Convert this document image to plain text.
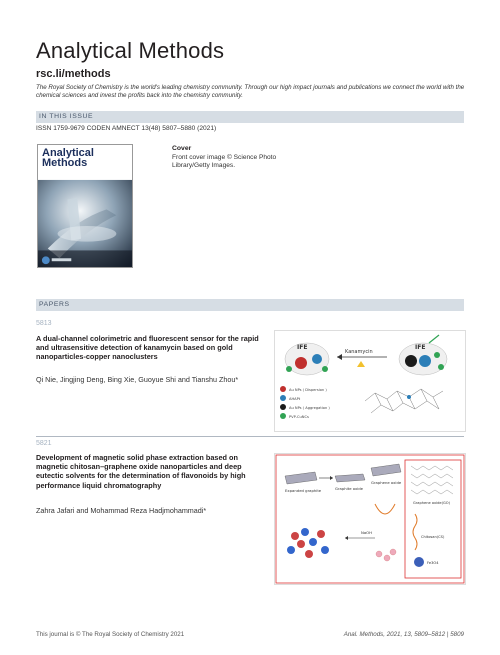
Analytical Methods
rsc.li/methods
The Royal Society of Chemistry is the world's leading chemistry community. Through our high impact journals and publications we connect the world with the chemical sciences and invest the profits back into the chemistry community.
IN THIS ISSUE
ISSN 1759-9679 CODEN AMNECT 13(48) 5807–5880 (2021)
Analytical
Methods
Cover
Front cover image © Science Photo Library/Getty Images.
PAPERS
5813
A dual-channel colorimetric and fluorescent sensor for the rapid and ultrasensitive detection of kanamycin based on gold nanoparticles-copper nanoclusters
Qi Nie, Jingjing Deng, Bing Xie, Guoyue Shi and Tianshu Zhou*
IFE
Kanamycin
IFE
Au NPs ( Dispersion )
AHAPt
Au NPs ( Aggregation )
PVP-CuNCs
5821
Development of magnetic solid phase extraction based on magnetic chitosan–graphene oxide nanoparticles and deep eutectic solvents for the determination of flavonoids by high performance liquid chromatography
Zahra Jafari and Mohammad Reza Hadjmohammadi*
Expanded graphite	Graphite oxide
Graphene oxide
Graphene oxide(GO)
Chitosan(CS)
Fe3O4
NaOH
This journal is © The Royal Society of Chemistry 2021	Anal. Methods, 2021, 13, 5809–5812 | 5809
